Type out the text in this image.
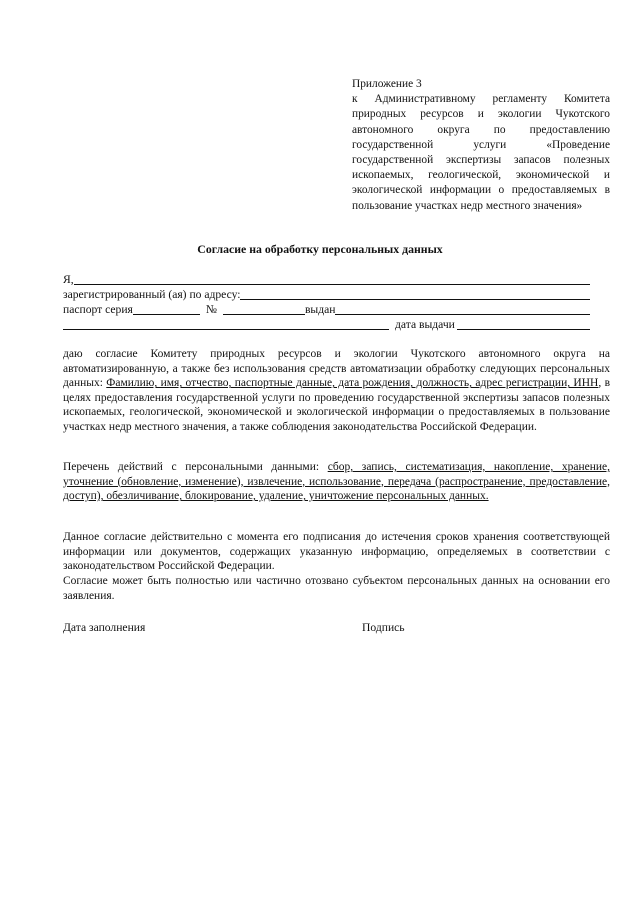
Приложение 3
к Административному регламенту Комитета природных ресурсов и экологии Чукотского автономного округа по предоставлению государственной услуги «Проведение государственной экспертизы запасов полезных ископаемых, геологической, экономической и экологической информации о предоставляемых в пользование участках недр местного значения»
Согласие на обработку персональных данных
Я,
зарегистрированный (ая) по адресу:
паспорт серия	№	выдан
дата выдачи
даю согласие Комитету природных ресурсов и экологии Чукотского автономного округа на автоматизированную, а также без использования средств автоматизации обработку следующих персональных данных: Фамилию, имя, отчество, паспортные данные, дата рождения, должность, адрес регистрации, ИНН, в целях предоставления государственной услуги по проведению государственной экспертизы запасов полезных ископаемых, геологической, экономической и экологической информации о предоставляемых в пользование участках недр местного значения, а также соблюдения законодательства Российской Федерации.
Перечень действий с персональными данными: сбор, запись, систематизация, накопление, хранение, уточнение (обновление, изменение), извлечение, использование, передача (распространение, предоставление, доступ), обезличивание, блокирование, удаление, уничтожение персональных данных.
Данное согласие действительно с момента его подписания до истечения сроков хранения соответствующей информации или документов, содержащих указанную информацию, определяемых в соответствии с законодательством Российской Федерации.
Согласие может быть полностью или частично отозвано субъектом персональных данных на основании его заявления.
Дата заполнения	Подпись
